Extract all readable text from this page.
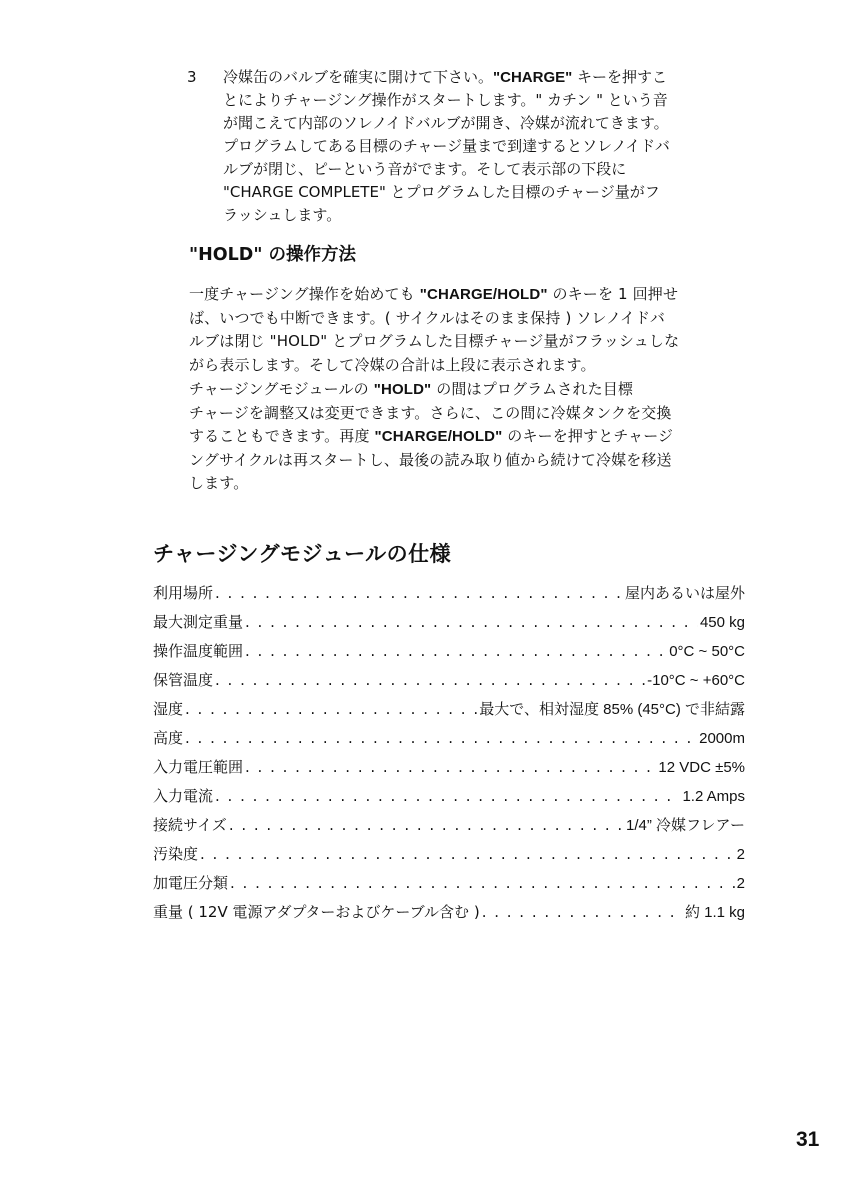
3 冷媒缶のバルブを確実に開けて下さい。"CHARGE" キーを押すこ
とによりチャージング操作がスタートします。" カチン " という音
が聞こえて内部のソレノイドバルブが開き、冷媒が流れてきます。
プログラムしてある目標のチャージ量まで到達するとソレノイドバ
ルブが閉じ、ピーという音がでます。そして表示部の下段に
"CHARGE COMPLETE" とプログラムした目標のチャージ量がフ
ラッシュします。
"HOLD" の操作方法
一度チャージング操作を始めても "CHARGE/HOLD" のキーを 1 回押せ
ば、いつでも中断できます。( サイクルはそのまま保持 ) ソレノイドバ
ルブは閉じ "HOLD" とプログラムした目標チャージ量がフラッシュしな
がら表示します。そして冷媒の合計は上段に表示されます。
チャージングモジュールの "HOLD" の間はプログラムされた目標
チャージを調整又は変更できます。さらに、この間に冷媒タンクを交換
することもできます。再度 "CHARGE/HOLD" のキーを押すとチャージ
ングサイクルは再スタートし、最後の読み取り値から続けて冷媒を移送
します。
チャージングモジュールの仕様
利用場所 . . .	屋内あるいは屋外
最大測定重量 . . .	450 kg
操作温度範囲 . . .	0°C ~ 50°C
保管温度 . . .	-10°C ~ +60°C
湿度 . . .	最大で、相対湿度 85% (45°C) で非結露
高度 . . .	2000m
入力電圧範囲 . . .	12 VDC ±5%
入力電流 . . .	1.2 Amps
接続サイズ . . .	1/4” 冷媒フレアー
汚染度 . . .	2
加電圧分類 . . .	2
重量 ( 12V 電源アダプターおよびケーブル含む ) . . .	約 1.1 kg
31
